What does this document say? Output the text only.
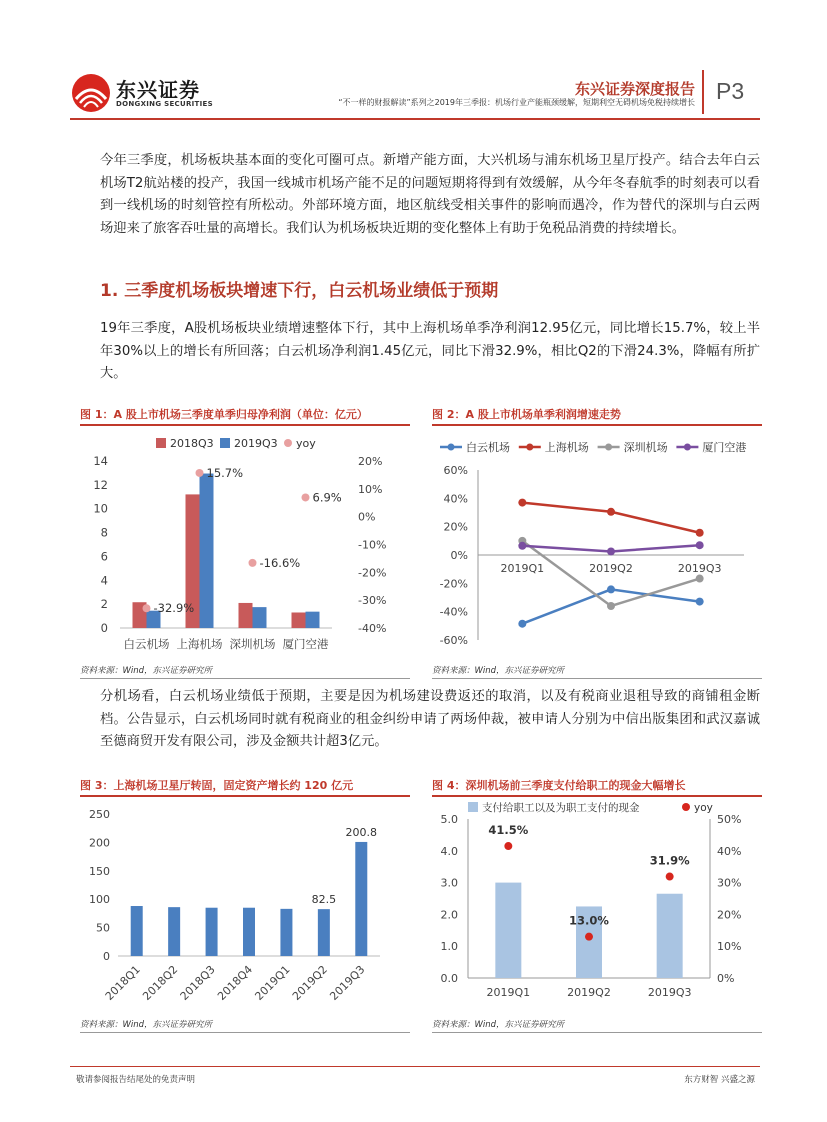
东兴证券
DONGXING SECURITIES
东兴证券深度报告
“不一样的财报解读”系列之2019年三季报：机场行业产能瓶颈缓解，短期利空无碍机场免税持续增长 P3
今年三季度，机场板块基本面的变化可圈可点。新增产能方面，大兴机场与浦东机场卫星厅投产。结合去年白云机场T2航站楼的投产，我国一线城市机场产能不足的问题短期将得到有效缓解，从今年冬春航季的时刻表可以看到一线机场的时刻管控有所松动。外部环境方面，地区航线受相关事件的影响而遇冷，作为替代的深圳与白云两场迎来了旅客吞吐量的高增长。我们认为机场板块近期的变化整体上有助于免税品消费的持续增长。
1. 三季度机场板块增速下行，白云机场业绩低于预期
19年三季度，A股机场板块业绩增速整体下行，其中上海机场单季净利润12.95亿元，同比增长15.7%，较上半年30%以上的增长有所回落；白云机场净利润1.45亿元，同比下滑32.9%，相比Q2的下滑24.3%，降幅有所扩大。
图 1：A 股上市机场三季度单季归母净利润（单位：亿元）	图 2：A 股上市机场单季利润增速走势
2018Q3 2019Q3 yoy
0
2
4
6
8
10
12
14
-40%
-30%
-20%
-10%
0%
10%
20%
白云机场 上海机场 深圳机场 厦门空港
-32.9%
15.7%
-16.6%
6.9%
资料来源：Wind，东兴证券研究所
白云机场	上海机场	深圳机场	厦门空港
60%
40%
20%
0%
-20%
-40%
-60%
2019Q1	2019Q2	2019Q3
资料来源：Wind，东兴证券研究所
分机场看，白云机场业绩低于预期，主要是因为机场建设费返还的取消，以及有税商业退租导致的商铺租金断档。公告显示，白云机场同时就有税商业的租金纠纷申请了两场仲裁，被申请人分别为中信出版集团和武汉嘉诚至德商贸开发有限公司，涉及金额共计超3亿元。
图 3：上海机场卫星厅转固，固定资产增长约 120 亿元	图 4：深圳机场前三季度支付给职工的现金大幅增长
0
50
100
150
200
250
2018Q1
2018Q2
2018Q3
2018Q4
2019Q1
82.5
2019Q2
200.8
2019Q3
资料来源：Wind，东兴证券研究所
支付给职工以及为职工支付的现金	yoy
0.0
1.0
2.0
3.0
4.0
5.0
0%
10%
20%
30%
40%
50%
41.5%
2019Q1
13.0%
2019Q2
31.9%
2019Q3
资料来源：Wind，东兴证券研究所
敬请参阅报告结尾处的免责声明	东方财智 兴盛之源
